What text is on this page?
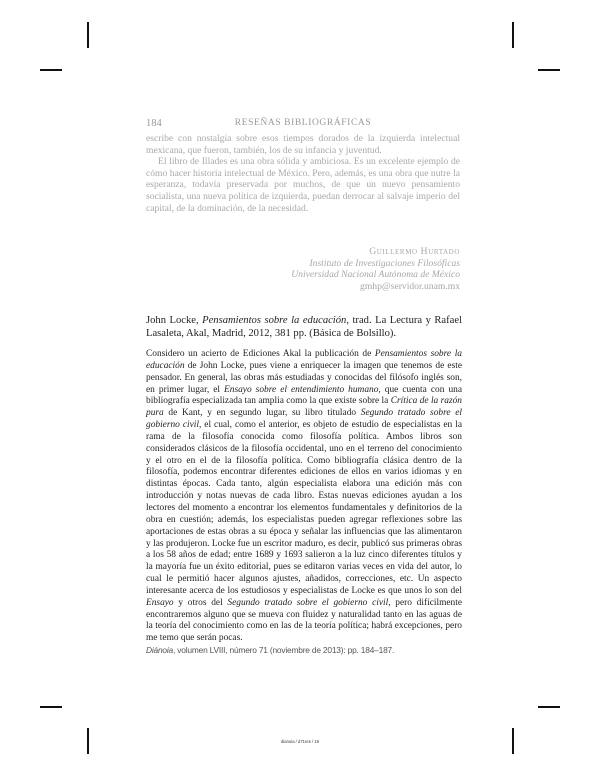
184	RESEÑAS BIBLIOGRÁFICAS

escribe con nostalgia sobre esos tiempos dorados de la izquierda intelectual mexicana, que fueron, también, los de su infancia y juventud.

El libro de Illades es una obra sólida y ambiciosa. Es un excelente ejemplo de cómo hacer historia intelectual de México. Pero, además, es una obra que nutre la esperanza, todavía preservada por muchos, de que un nuevo pensamiento socialista, una nueva política de izquierda, puedan derrocar al salvaje imperio del capital, de la dominación, de la necesidad.

Guillermo Hurtado
Instituto de Investigaciones Filosóficas
Universidad Nacional Autónoma de México
gmhp@servidor.unam.mx
John Locke, Pensamientos sobre la educación, trad. La Lectura y Rafael Lasaleta, Akal, Madrid, 2012, 381 pp. (Básica de Bolsillo).

Considero un acierto de Ediciones Akal la publicación de Pensamientos sobre la educación de John Locke, pues viene a enriquecer la imagen que tenemos de este pensador. En general, las obras más estudiadas y conocidas del filósofo inglés son, en primer lugar, el Ensayo sobre el entendimiento humano, que cuenta con una bibliografía especializada tan amplia como la que existe sobre la Crítica de la razón pura de Kant, y en segundo lugar, su libro titulado Segundo tratado sobre el gobierno civil, el cual, como el anterior, es objeto de estudio de especialistas en la rama de la filosofía conocida como filosofía política. Ambos libros son considerados clásicos de la filosofía occidental, uno en el terreno del conocimiento y el otro en el de la filosofía política. Como bibliografía clásica dentro de la filosofía, podemos encontrar diferentes ediciones de ellos en varios idiomas y en distintas épocas. Cada tanto, algún especialista elabora una edición más con introducción y notas nuevas de cada libro. Estas nuevas ediciones ayudan a los lectores del momento a encontrar los elementos fundamentales y definitorios de la obra en cuestión; además, los especialistas pueden agregar reflexiones sobre las aportaciones de estas obras a su época y señalar las influencias que las alimentaron y las produjeron. Locke fue un escritor maduro, es decir, publicó sus primeras obras a los 58 años de edad; entre 1689 y 1693 salieron a la luz cinco diferentes títulos y la mayoría fue un éxito editorial, pues se editaron varias veces en vida del autor, lo cual le permitió hacer algunos ajustes, añadidos, correcciones, etc. Un aspecto interesante acerca de los estudiosos y especialistas de Locke es que unos lo son del Ensayo y otros del Segundo tratado sobre el gobierno civil, pero difícilmente encontraremos alguno que se mueva con fluidez y naturalidad tanto en las aguas de la teoría del conocimiento como en las de la teoría política; habrá excepciones, pero me temo que serán pocas.

Diánoia, volumen LVIII, número 71 (noviembre de 2013): pp. 184–187.
dianoia / d71res / 19
